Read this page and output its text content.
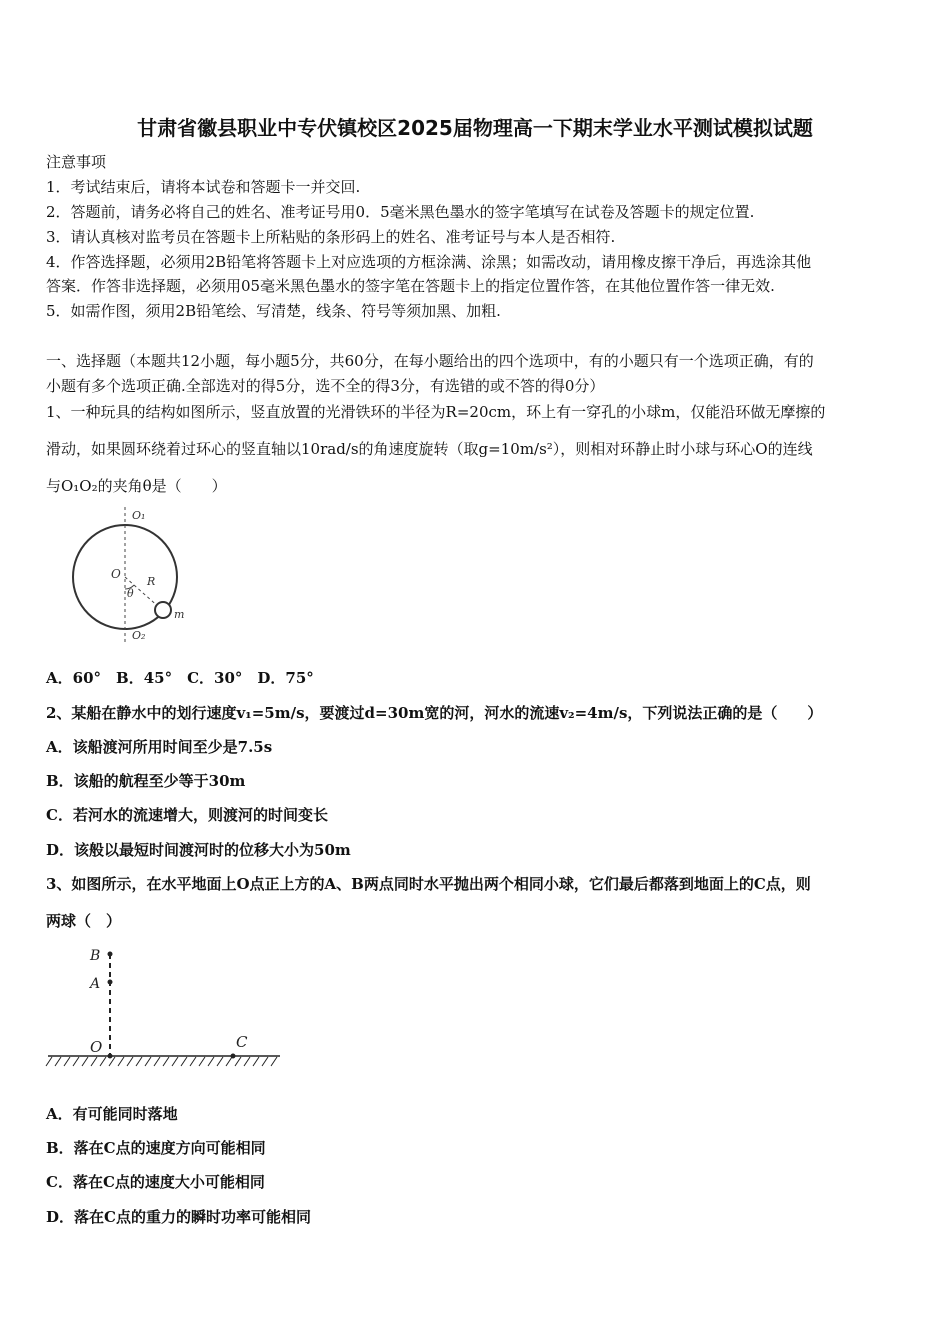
甘肃省徽县职业中专伏镇校区2025届物理高一下期末学业水平测试模拟试题
注意事项
1．考试结束后，请将本试卷和答题卡一并交回.
2．答题前，请务必将自己的姓名、准考证号用0．5毫米黑色墨水的签字笔填写在试卷及答题卡的规定位置.
3．请认真核对监考员在答题卡上所粘贴的条形码上的姓名、准考证号与本人是否相符.
4．作答选择题，必须用2B铅笔将答题卡上对应选项的方框涂满、涂黑；如需改动，请用橡皮擦干净后，再选涂其他
答案．作答非选择题，必须用05毫米黑色墨水的签字笔在答题卡上的指定位置作答，在其他位置作答一律无效.
5．如需作图，须用2B铅笔绘、写清楚，线条、符号等须加黑、加粗.
一、选择题（本题共12小题，每小题5分，共60分，在每小题给出的四个选项中，有的小题只有一个选项正确，有的
小题有多个选项正确.全部选对的得5分，选不全的得3分，有选错的或不答的得0分）
1、一种玩具的结构如图所示，竖直放置的光滑铁环的半径为R=20cm，环上有一穿孔的小球m，仅能沿环做无摩擦的
滑动，如果圆环绕着过环心的竖直轴以10rad/s的角速度旋转（取g=10m/s²），则相对环静止时小球与环心O的连线
与O₁O₂的夹角θ是（　　）
O₁
O
R
θ
m
O₂
A．60°　B．45°　C．30°　D．75°
2、某船在静水中的划行速度v₁=5m/s，要渡过d=30m宽的河，河水的流速v₂=4m/s，下列说法正确的是（　　）
A．该船渡河所用时间至少是7.5s
B．该船的航程至少等于30m
C．若河水的流速增大，则渡河的时间变长
D．该般以最短时间渡河时的位移大小为50m
3、如图所示，在水平地面上O点正上方的A、B两点同时水平抛出两个相同小球，它们最后都落到地面上的C点，则
两球（　）
B
A
O	C
A．有可能同时落地
B．落在C点的速度方向可能相同
C．落在C点的速度大小可能相同
D．落在C点的重力的瞬时功率可能相同
